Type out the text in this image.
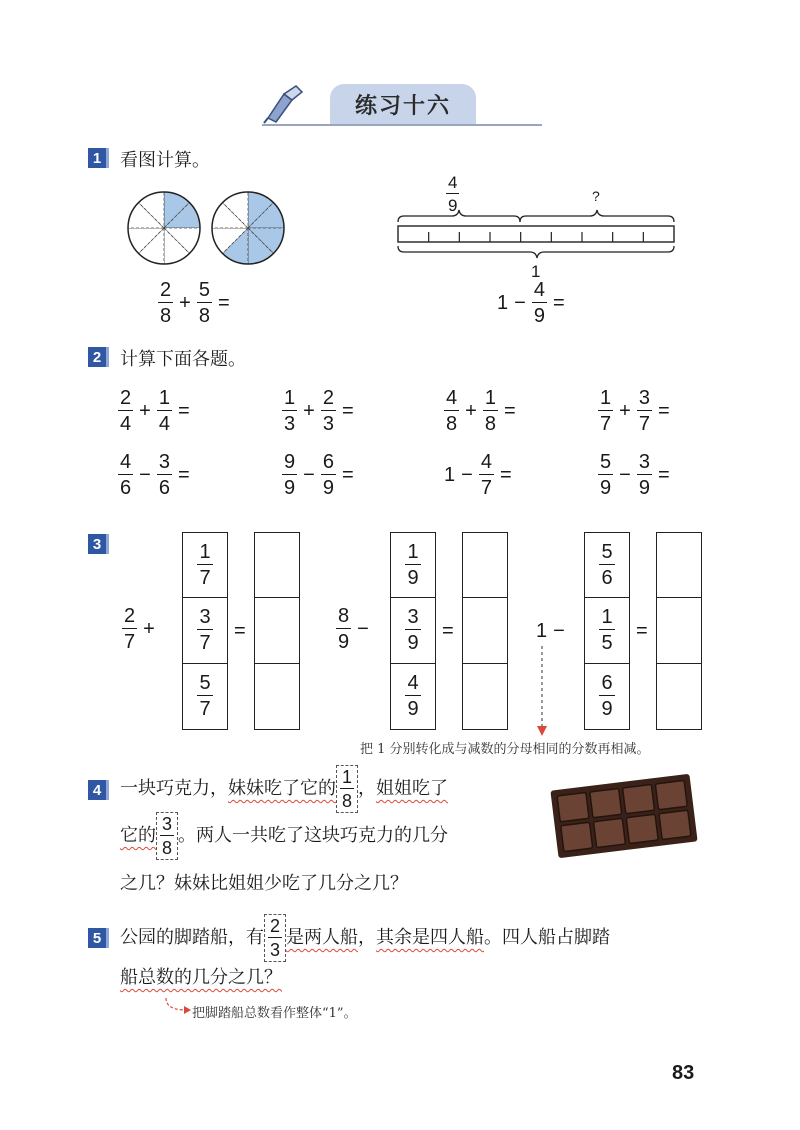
练习十六
1	看图计算。
$\frac{2}{8} + \frac{5}{8}$ =
$\frac{4}{9}$	?
1
$1 - \frac{4}{9}$ =
2	计算下面各题。
$\frac{2}{4} + \frac{1}{4}$ =	$\frac{1}{3} + \frac{2}{3}$ =	$\frac{4}{8} + \frac{1}{8}$ =	$\frac{1}{7} + \frac{3}{7}$ =
$\frac{4}{6} - \frac{3}{6}$ =	$\frac{9}{9} - \frac{6}{9}$ =	$1 - \frac{4}{7}$ =	$\frac{5}{9} - \frac{3}{9}$ =
3
$\frac{2}{7}$ +
$\frac{1}{7}$
$\frac{3}{7}$
$\frac{5}{7}$
=	$\frac{8}{9}$ −
$\frac{1}{9}$
$\frac{3}{9}$
$\frac{4}{9}$
=	1 −
$\frac{5}{6}$
$\frac{1}{5}$
$\frac{6}{9}$
=
把 1 分别转化成与减数的分母相同的分数再相减。
4	一块巧克力， 妹妹吃了它的 $\frac{1}{8}$ ， 姐姐吃了
它的 $\frac{3}{8}$ 。两人一共吃了这块巧克力的几分
之几？妹妹比姐姐少吃了几分之几？
5	公园的脚踏船，有 $\frac{2}{3}$ 是两人船 ， 其余是四人船 。四人船占脚踏
船总数的几分之几？
把脚踏船总数看作整体“1”。
83
